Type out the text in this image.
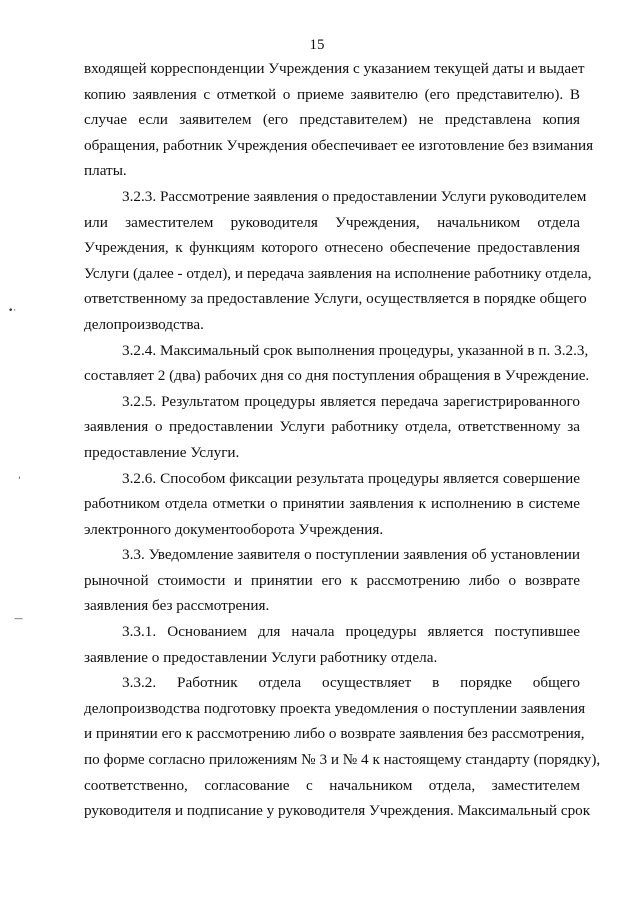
15
•⋅
‘
—
входящей корреспонденции Учреждения с указанием текущей даты и выдает
копию заявления с отметкой о приеме заявителю (его представителю). В
случае если заявителем (его представителем) не представлена копия
обращения, работник Учреждения обеспечивает ее изготовление без взимания
платы.
3.2.3. Рассмотрение заявления о предоставлении Услуги руководителем
или заместителем руководителя Учреждения, начальником отдела
Учреждения, к функциям которого отнесено обеспечение предоставления
Услуги (далее - отдел), и передача заявления на исполнение работнику отдела,
ответственному за предоставление Услуги, осуществляется в порядке общего
делопроизводства.
3.2.4. Максимальный срок выполнения процедуры, указанной в п. 3.2.3,
составляет 2 (два) рабочих дня со дня поступления обращения в Учреждение.
3.2.5. Результатом процедуры является передача зарегистрированного
заявления о предоставлении Услуги работнику отдела, ответственному за
предоставление Услуги.
3.2.6. Способом фиксации результата процедуры является совершение
работником отдела отметки о принятии заявления к исполнению в системе
электронного документооборота Учреждения.
3.3. Уведомление заявителя о поступлении заявления об установлении
рыночной стоимости и принятии его к рассмотрению либо о возврате
заявления без рассмотрения.
3.3.1. Основанием для начала процедуры является поступившее
заявление о предоставлении Услуги работнику отдела.
3.3.2. Работник отдела осуществляет в порядке общего
делопроизводства подготовку проекта уведомления о поступлении заявления
и принятии его к рассмотрению либо о возврате заявления без рассмотрения,
по форме согласно приложениям № 3 и № 4 к настоящему стандарту (порядку),
соответственно, согласование с начальником отдела, заместителем
руководителя и подписание у руководителя Учреждения. Максимальный срок
